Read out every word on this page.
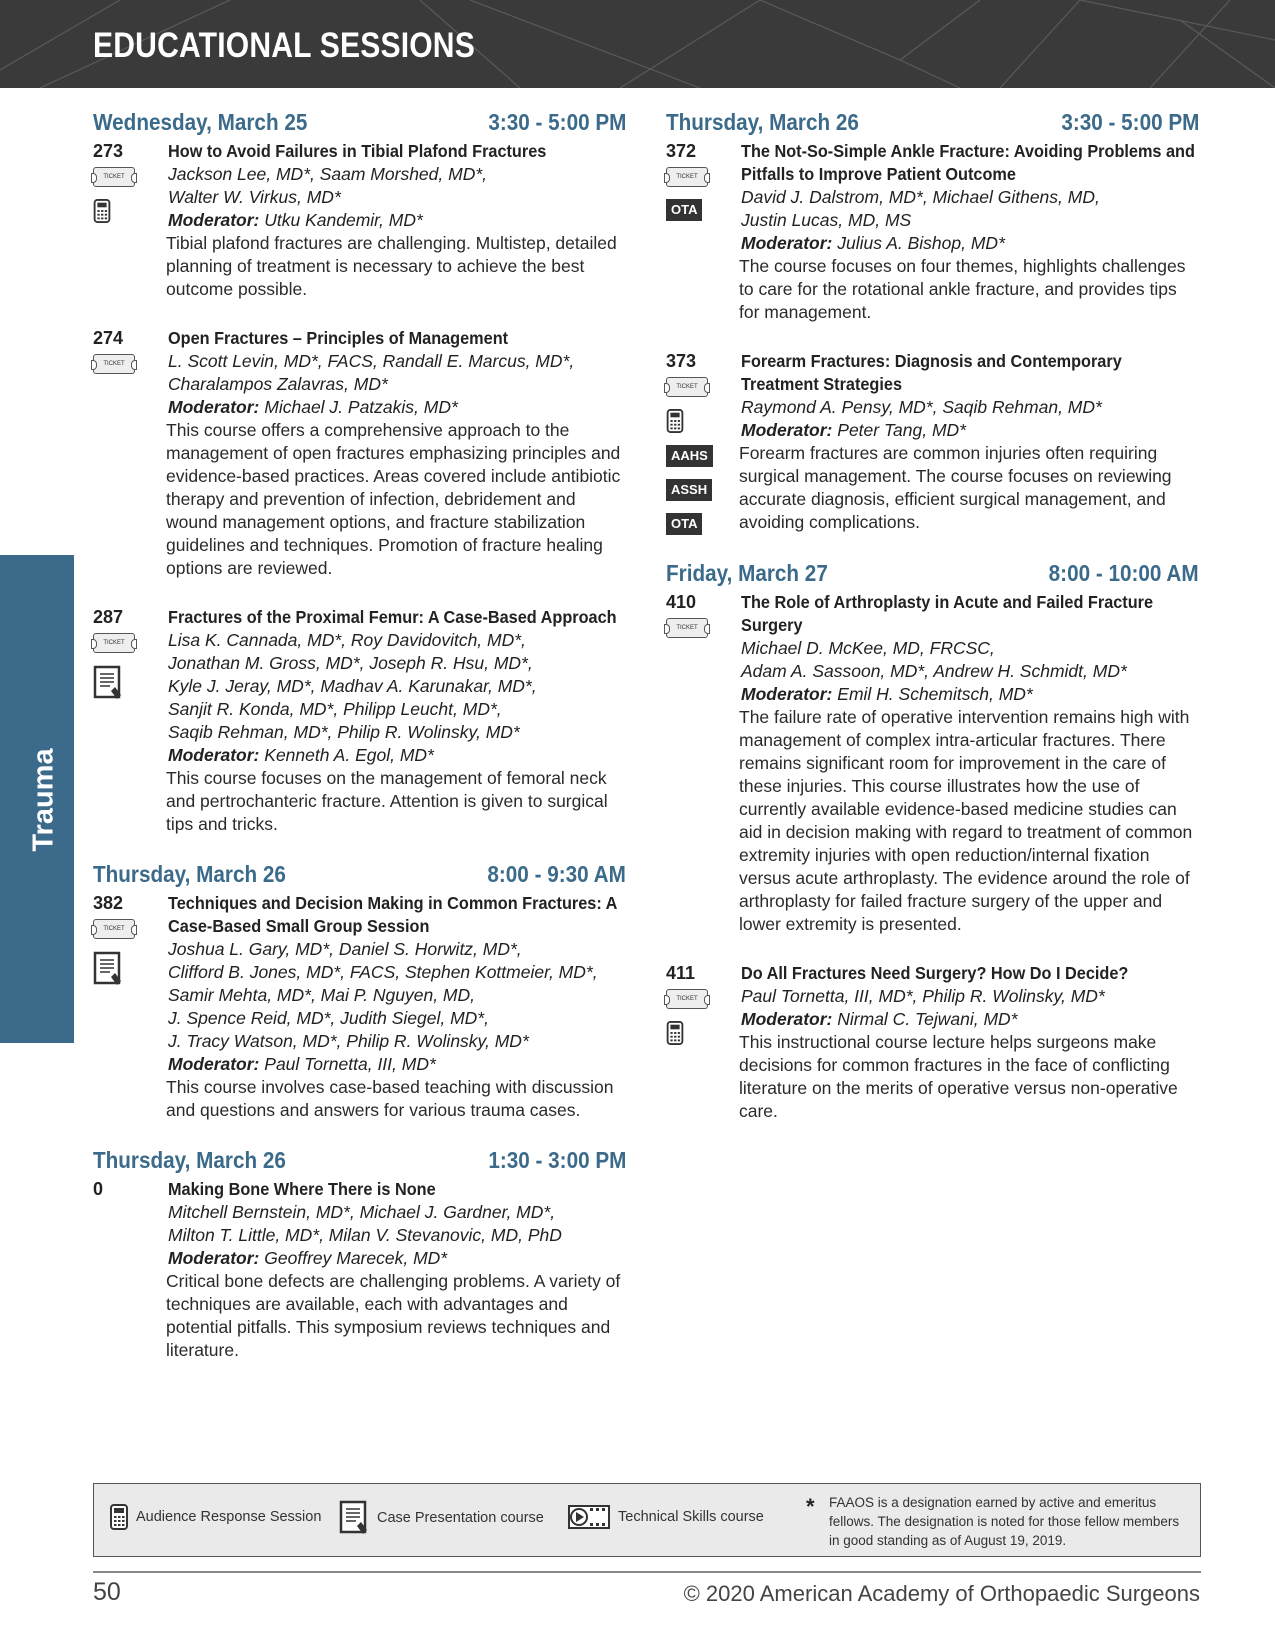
EDUCATIONAL SESSIONS
Trauma
Wednesday, March 25	3:30 - 5:00 PM
273
TICKET
How to Avoid Failures in Tibial Plafond Fractures
Jackson Lee, MD*, Saam Morshed, MD*,
Walter W. Virkus, MD*
Moderator: Utku Kandemir, MD*
Tibial plafond fractures are challenging. Multistep, detailed planning of treatment is necessary to achieve the best outcome possible.
274
TICKET
Open Fractures – Principles of Management
L. Scott Levin, MD*, FACS, Randall E. Marcus, MD*,
Charalampos Zalavras, MD*
Moderator: Michael J. Patzakis, MD*
This course offers a comprehensive approach to the management of open fractures emphasizing principles and evidence-based practices. Areas covered include antibiotic therapy and prevention of infection, debridement and wound management options, and fracture stabilization guidelines and techniques. Promotion of fracture healing options are reviewed.
287
TICKET
Fractures of the Proximal Femur: A Case-Based Approach
Lisa K. Cannada, MD*, Roy Davidovitch, MD*,
Jonathan M. Gross, MD*, Joseph R. Hsu, MD*,
Kyle J. Jeray, MD*, Madhav A. Karunakar, MD*,
Sanjit R. Konda, MD*, Philipp Leucht, MD*,
Saqib Rehman, MD*, Philip R. Wolinsky, MD*
Moderator: Kenneth A. Egol, MD*
This course focuses on the management of femoral neck and pertrochanteric fracture. Attention is given to surgical tips and tricks.
Thursday, March 26	8:00 - 9:30 AM
382
TICKET
Techniques and Decision Making in Common Fractures: A Case-Based Small Group Session
Joshua L. Gary, MD*, Daniel S. Horwitz, MD*,
Clifford B. Jones, MD*, FACS, Stephen Kottmeier, MD*,
Samir Mehta, MD*, Mai P. Nguyen, MD,
J. Spence Reid, MD*, Judith Siegel, MD*,
J. Tracy Watson, MD*, Philip R. Wolinsky, MD*
Moderator: Paul Tornetta, III, MD*
This course involves case-based teaching with discussion and questions and answers for various trauma cases.
Thursday, March 26	1:30 - 3:00 PM
0	Making Bone Where There is None
Mitchell Bernstein, MD*, Michael J. Gardner, MD*,
Milton T. Little, MD*, Milan V. Stevanovic, MD, PhD
Moderator: Geoffrey Marecek, MD*
Critical bone defects are challenging problems. A variety of techniques are available, each with advantages and potential pitfalls. This symposium reviews techniques and literature.
Thursday, March 26	3:30 - 5:00 PM
372
TICKET
OTA
The Not-So-Simple Ankle Fracture: Avoiding Problems and Pitfalls to Improve Patient Outcome
David J. Dalstrom, MD*, Michael Githens, MD,
Justin Lucas, MD, MS
Moderator: Julius A. Bishop, MD*
The course focuses on four themes, highlights challenges to care for the rotational ankle fracture, and provides tips for management.
373
TICKET
AAHS
ASSH
OTA
Forearm Fractures: Diagnosis and Contemporary Treatment Strategies
Raymond A. Pensy, MD*, Saqib Rehman, MD*
Moderator: Peter Tang, MD*
Forearm fractures are common injuries often requiring surgical management. The course focuses on reviewing accurate diagnosis, efficient surgical management, and avoiding complications.
Friday, March 27	8:00 - 10:00 AM
410
TICKET
The Role of Arthroplasty in Acute and Failed Fracture Surgery
Michael D. McKee, MD, FRCSC,
Adam A. Sassoon, MD*, Andrew H. Schmidt, MD*
Moderator: Emil H. Schemitsch, MD*
The failure rate of operative intervention remains high with management of complex intra-articular fractures. There remains significant room for improvement in the care of these injuries. This course illustrates how the use of currently available evidence-based medicine studies can aid in decision making with regard to treatment of common extremity injuries with open reduction/internal fixation versus acute arthroplasty. The evidence around the role of arthroplasty for failed fracture surgery of the upper and lower extremity is presented.
411
TICKET
Do All Fractures Need Surgery? How Do I Decide?
Paul Tornetta, III, MD*, Philip R. Wolinsky, MD*
Moderator: Nirmal C. Tejwani, MD*
This instructional course lecture helps surgeons make decisions for common fractures in the face of conflicting literature on the merits of operative versus non-operative care.
Audience Response Session	Case Presentation course	Technical Skills course * FAAOS is a designation earned by active and emeritus fellows. The designation is noted for those fellow members in good standing as of August 19, 2019.
50	© 2020 American Academy of Orthopaedic Surgeons
